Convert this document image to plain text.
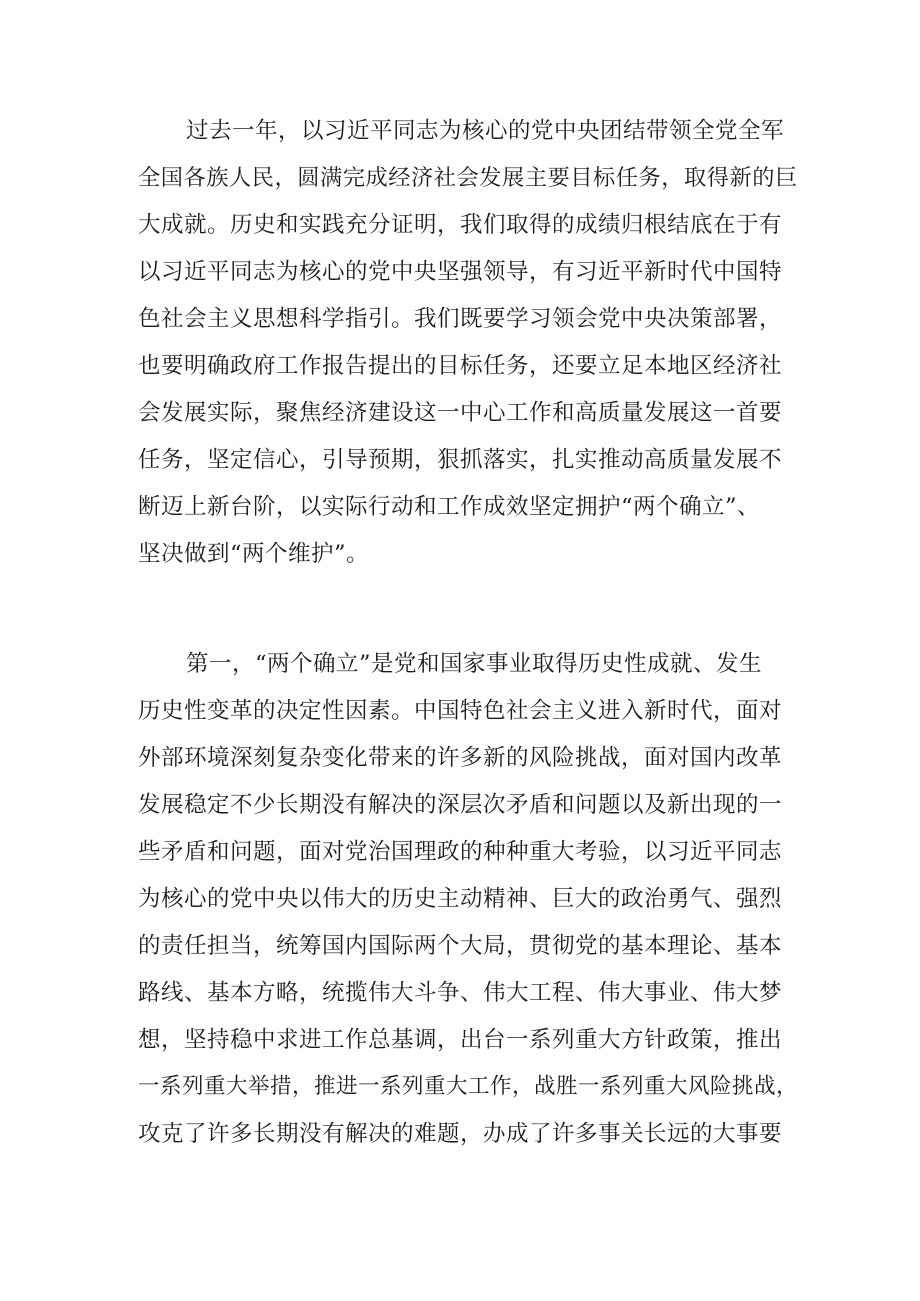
过去一年，以习近平同志为核心的党中央团结带领全党全军

全国各族人民，圆满完成经济社会发展主要目标任务，取得新的巨

大成就。历史和实践充分证明，我们取得的成绩归根结底在于有

以习近平同志为核心的党中央坚强领导，有习近平新时代中国特

色社会主义思想科学指引。我们既要学习领会党中央决策部署，

也要明确政府工作报告提出的目标任务，还要立足本地区经济社

会发展实际，聚焦经济建设这一中心工作和高质量发展这一首要

任务，坚定信心，引导预期，狠抓落实，扎实推动高质量发展不

断迈上新台阶，以实际行动和工作成效坚定拥护“两个确立”、

坚决做到“两个维护”。

第一，“两个确立”是党和国家事业取得历史性成就、发生

历史性变革的决定性因素。中国特色社会主义进入新时代，面对

外部环境深刻复杂变化带来的许多新的风险挑战，面对国内改革

发展稳定不少长期没有解决的深层次矛盾和问题以及新出现的一

些矛盾和问题，面对党治国理政的种种重大考验，以习近平同志

为核心的党中央以伟大的历史主动精神、巨大的政治勇气、强烈

的责任担当，统筹国内国际两个大局，贯彻党的基本理论、基本

路线、基本方略，统揽伟大斗争、伟大工程、伟大事业、伟大梦

想，坚持稳中求进工作总基调，出台一系列重大方针政策，推出

一系列重大举措，推进一系列重大工作，战胜一系列重大风险挑战，

攻克了许多长期没有解决的难题，办成了许多事关长远的大事要
